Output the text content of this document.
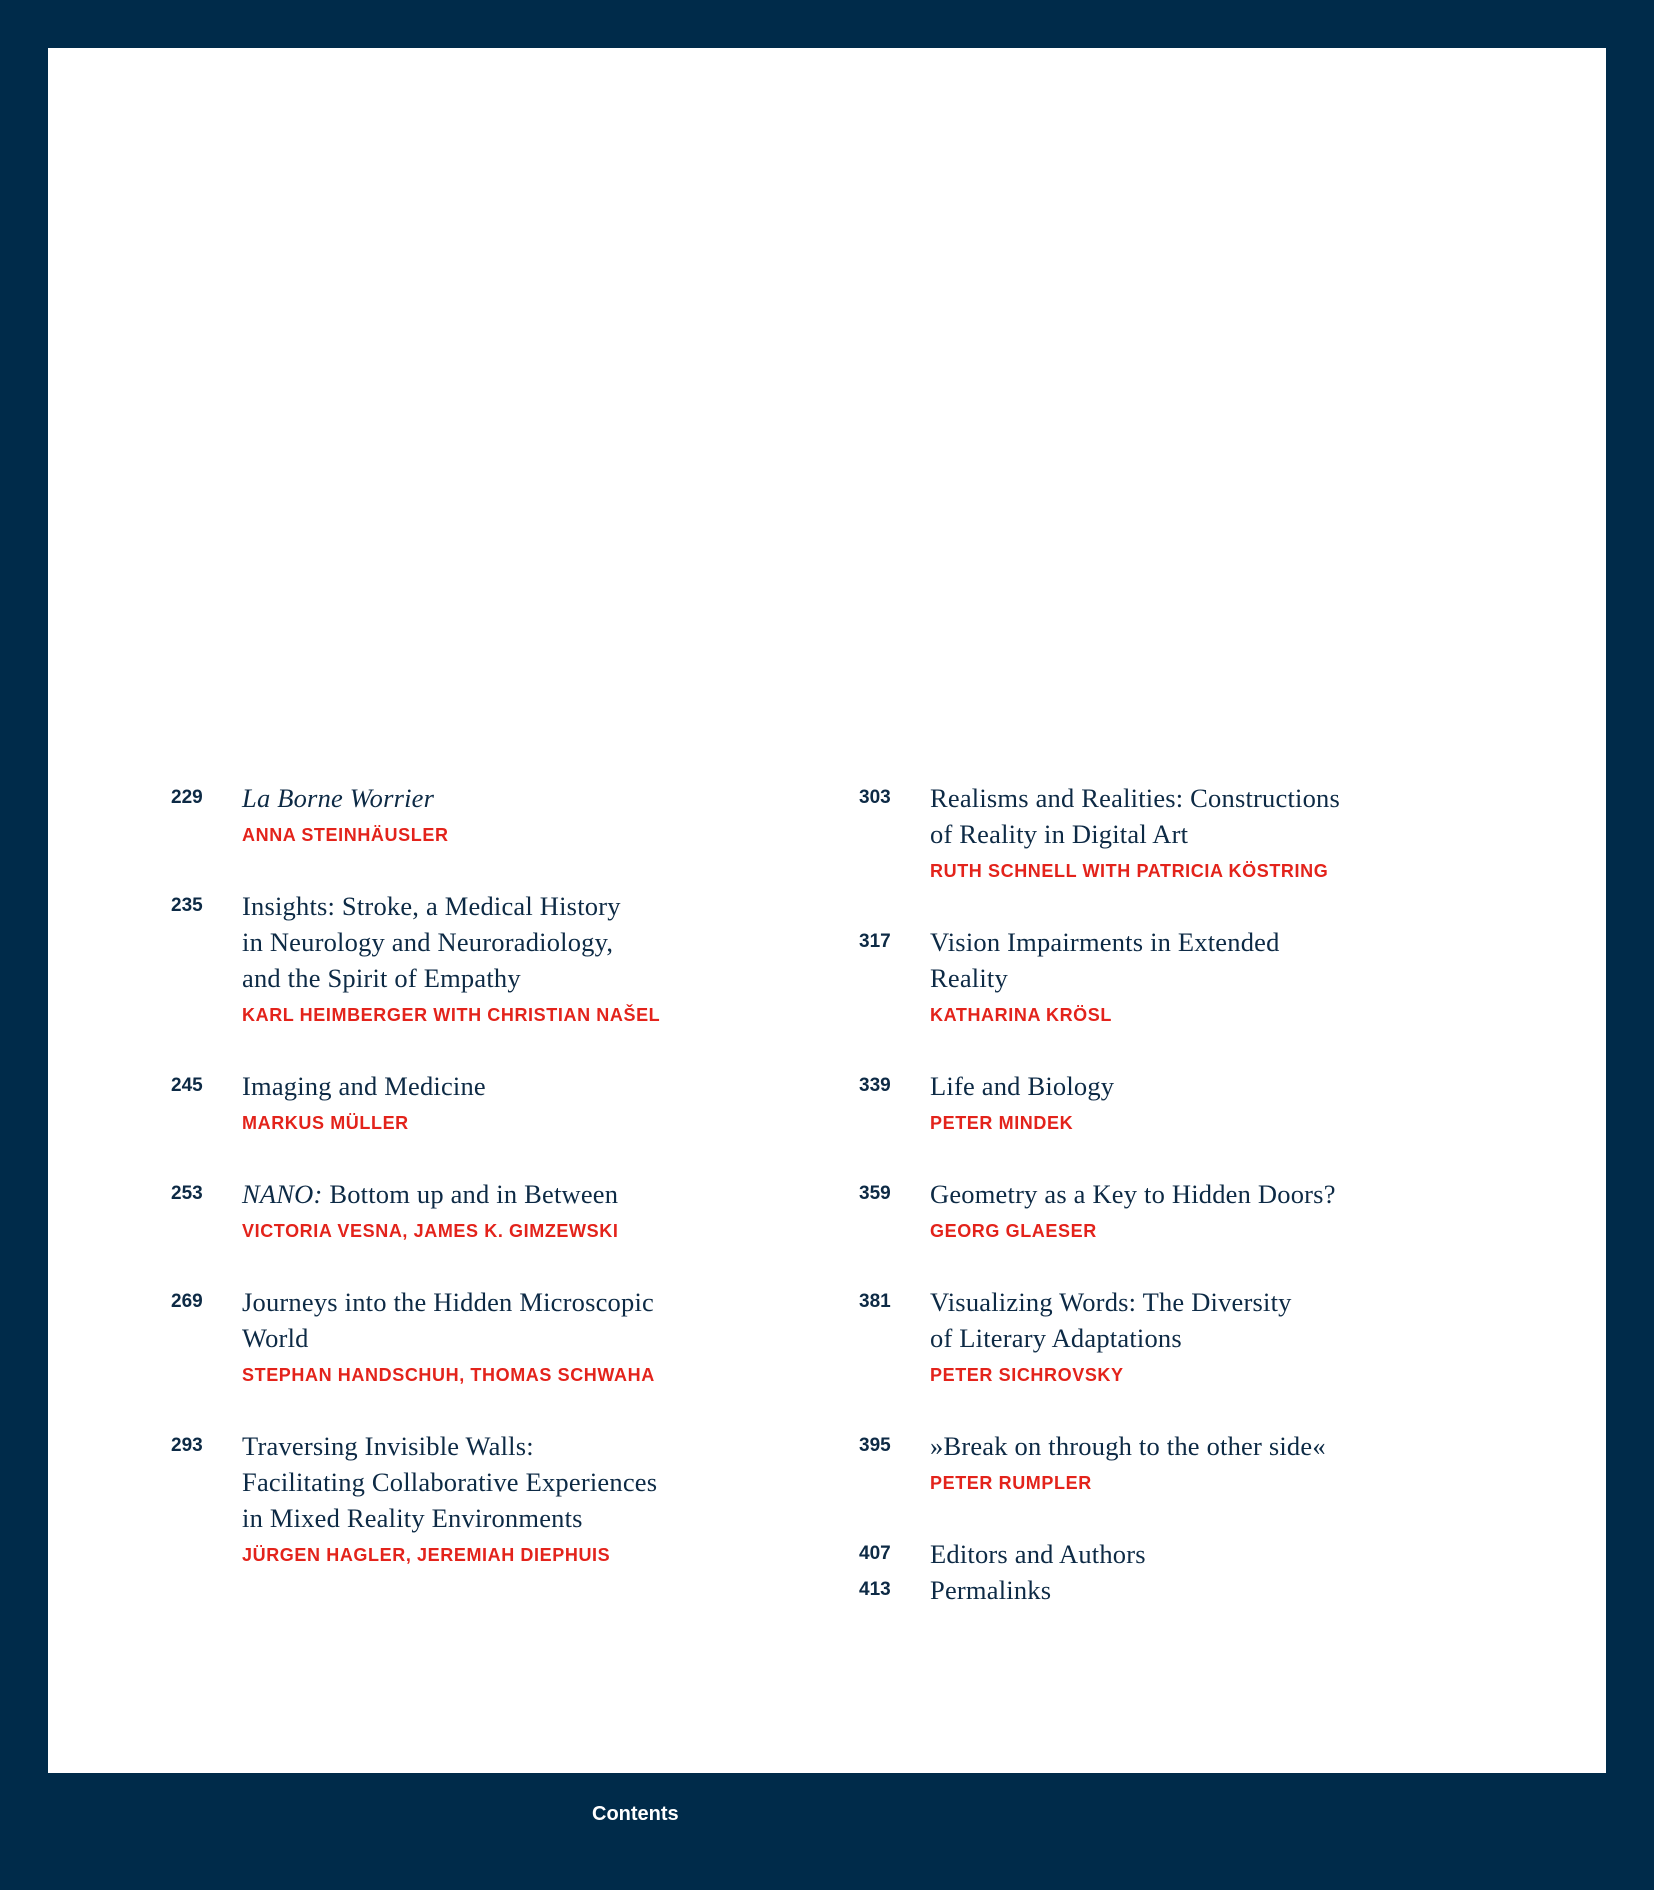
229	La Borne Worrier
ANNA STEINHÄUSLER
235	Insights: Stroke, a Medical History
in Neurology and Neuroradiology,
and the Spirit of Empathy
KARL HEIMBERGER WITH CHRISTIAN NAŠEL
245	Imaging and Medicine
MARKUS MÜLLER
253	NANO: Bottom up and in Between
VICTORIA VESNA, JAMES K. GIMZEWSKI
269	Journeys into the Hidden Microscopic
World
STEPHAN HANDSCHUH, THOMAS SCHWAHA
293	Traversing Invisible Walls:
Facilitating Collaborative Experiences
in Mixed Reality Environments
JÜRGEN HAGLER, JEREMIAH DIEPHUIS
303	Realisms and Realities: Constructions
of Reality in Digital Art
RUTH SCHNELL WITH PATRICIA KÖSTRING
317	Vision Impairments in Extended
Reality
KATHARINA KRÖSL
339	Life and Biology
PETER MINDEK
359	Geometry as a Key to Hidden Doors?
GEORG GLAESER
381	Visualizing Words: The Diversity
of Literary Adaptations
PETER SICHROVSKY
395	»Break on through to the other side«
PETER RUMPLER
407	Editors and Authors
413	Permalinks
Contents
